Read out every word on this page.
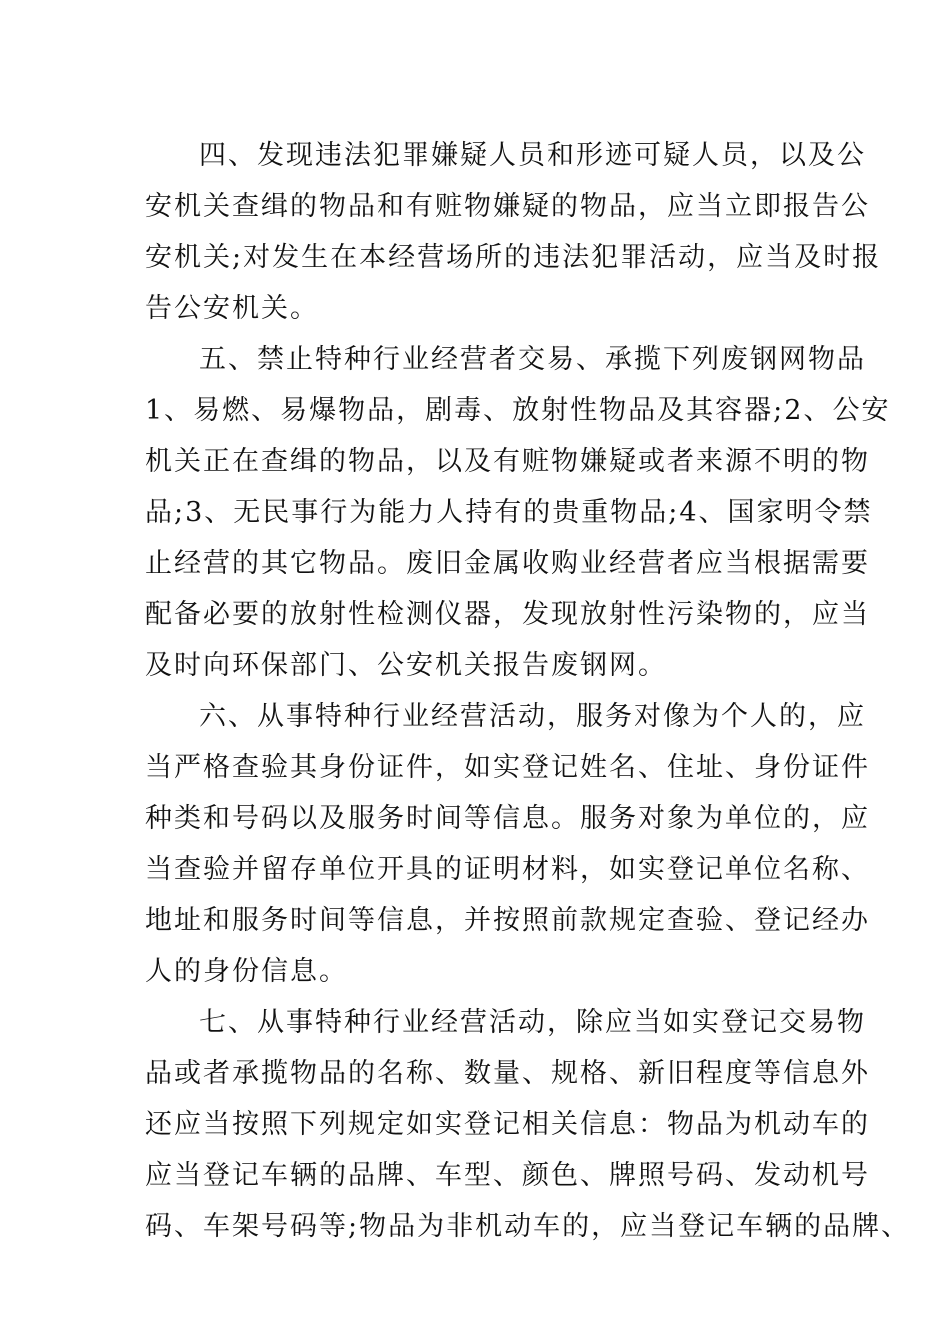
四、发现违法犯罪嫌疑人员和形迹可疑人员，以及公
安机关查缉的物品和有赃物嫌疑的物品，应当立即报告公
安机关;对发生在本经营场所的违法犯罪活动，应当及时报
告公安机关。
五、禁止特种行业经营者交易、承揽下列废钢网物品
1、易燃、易爆物品，剧毒、放射性物品及其容器;2、公安
机关正在查缉的物品，以及有赃物嫌疑或者来源不明的物
品;3、无民事行为能力人持有的贵重物品;4、国家明令禁
止经营的其它物品。废旧金属收购业经营者应当根据需要
配备必要的放射性检测仪器，发现放射性污染物的，应当
及时向环保部门、公安机关报告废钢网。
六、从事特种行业经营活动，服务对像为个人的，应
当严格查验其身份证件，如实登记姓名、住址、身份证件
种类和号码以及服务时间等信息。服务对象为单位的，应
当查验并留存单位开具的证明材料，如实登记单位名称、
地址和服务时间等信息，并按照前款规定查验、登记经办
人的身份信息。
七、从事特种行业经营活动，除应当如实登记交易物
品或者承揽物品的名称、数量、规格、新旧程度等信息外
还应当按照下列规定如实登记相关信息：物品为机动车的
应当登记车辆的品牌、车型、颜色、牌照号码、发动机号
码、车架号码等;物品为非机动车的，应当登记车辆的品牌、
